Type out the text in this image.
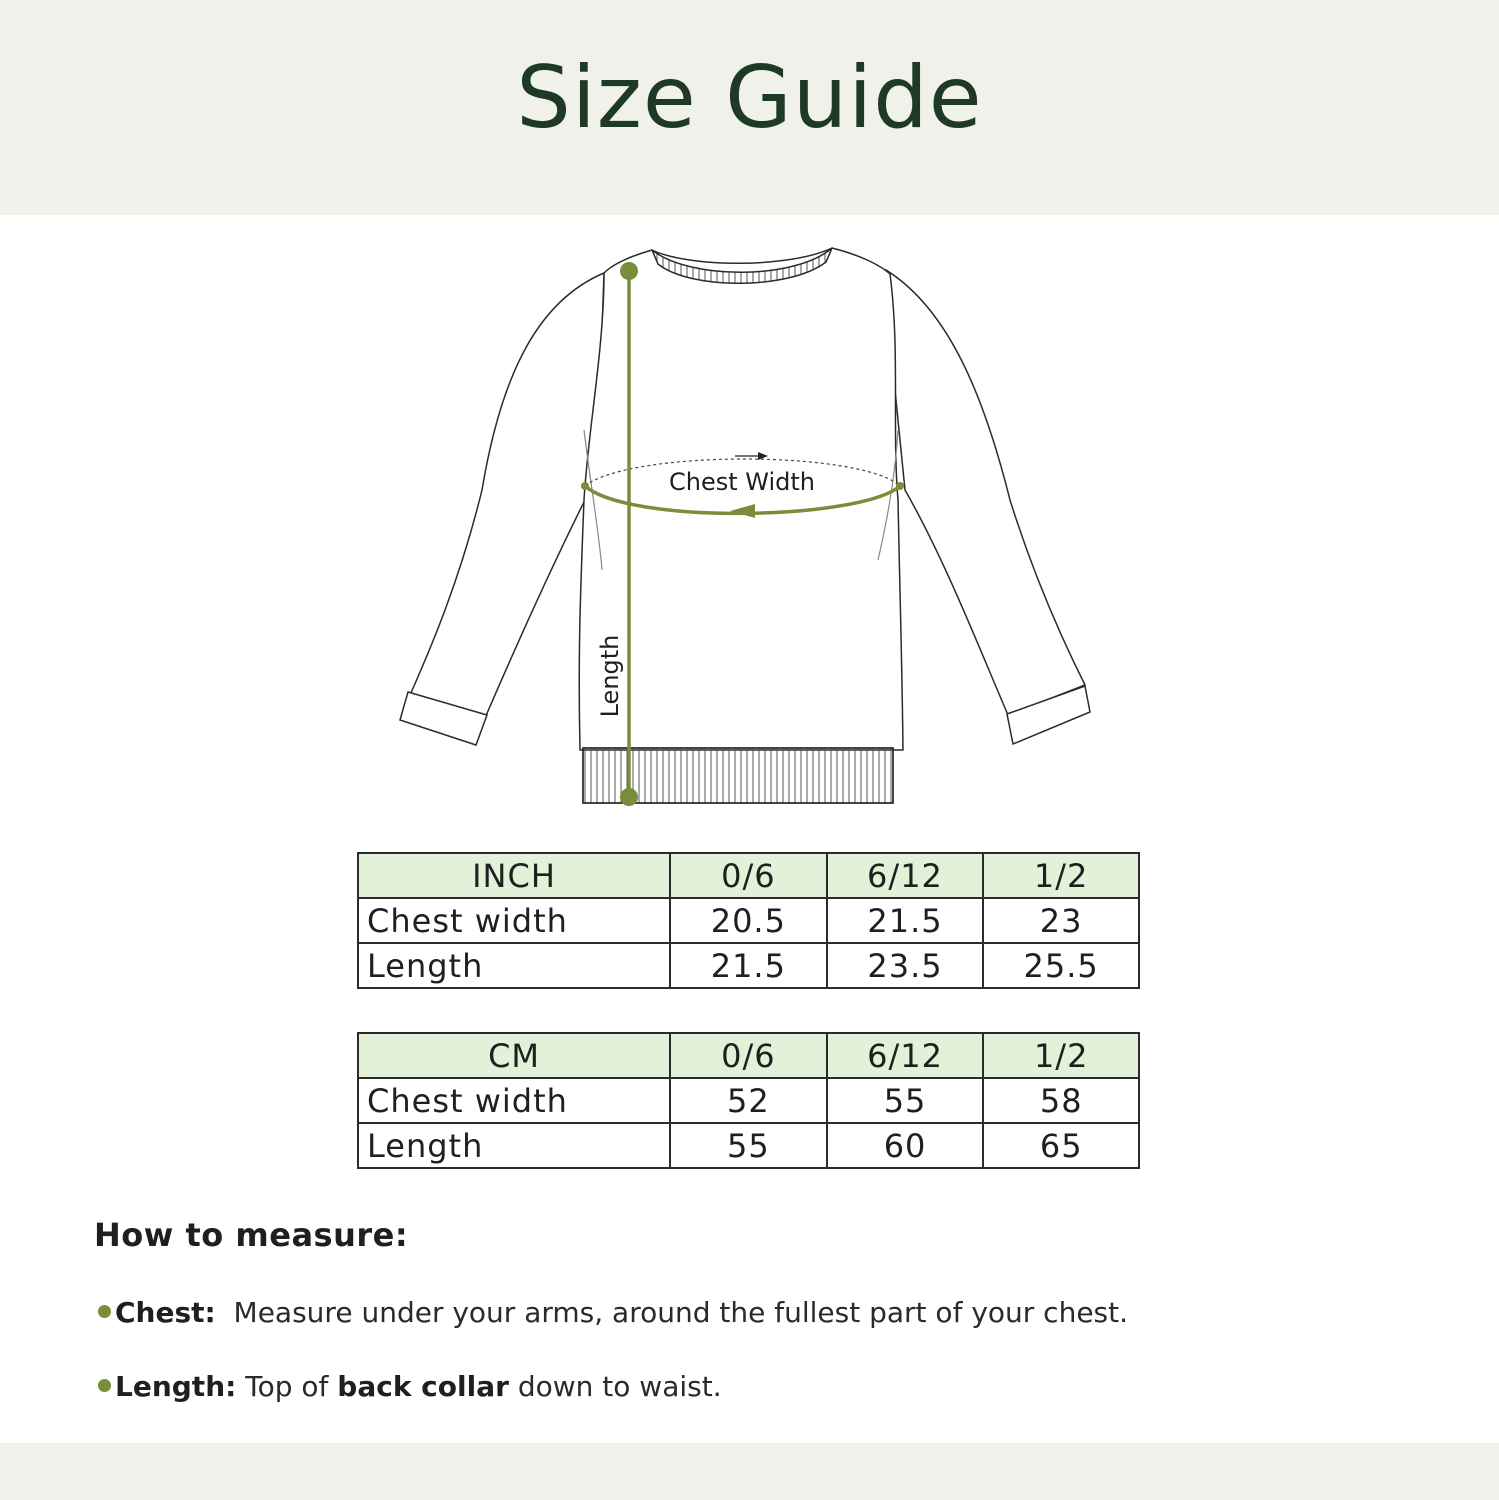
Size Guide
Chest Width
Length
INCH	0/6	6/12	1/2
Chest width	20.5	21.5	23
Length	21.5	23.5	25.5
CM	0/6	6/12	1/2
Chest width	52	55	58
Length	55	60	65
How to measure:
Chest: Measure under your arms, around the fullest part of your chest.
Length: Top of back collar down to waist.
